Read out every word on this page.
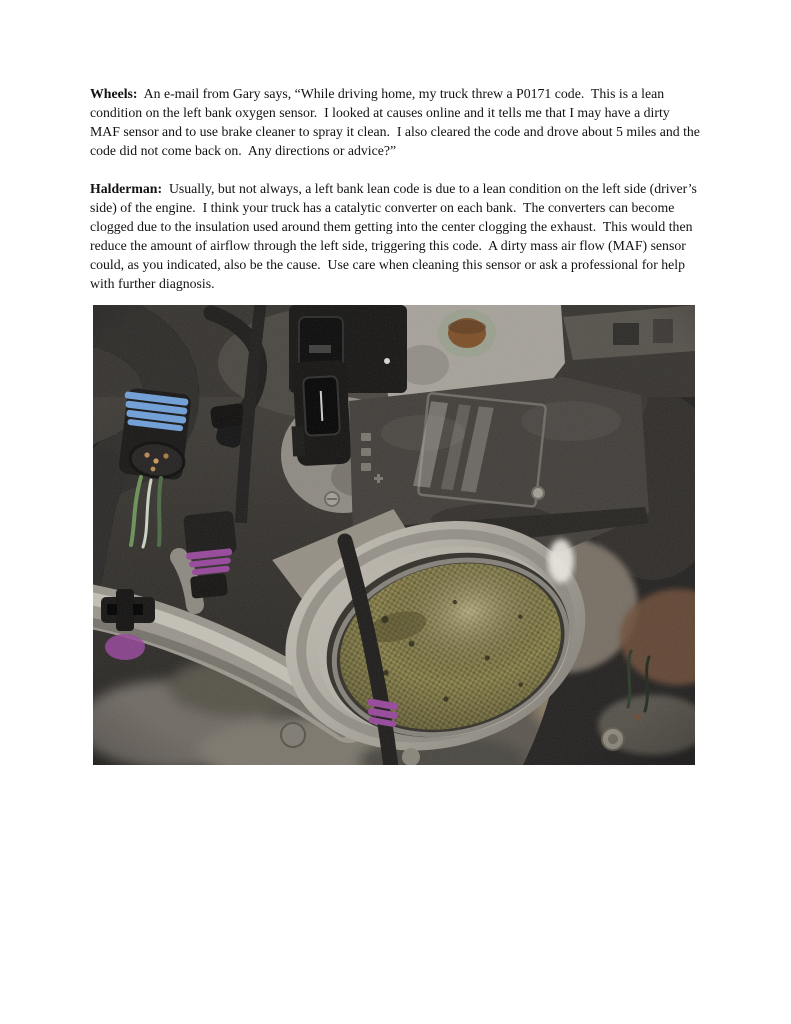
Wheels:  An e-mail from Gary says, “While driving home, my truck threw a P0171 code.  This is a lean condition on the left bank oxygen sensor.  I looked at causes online and it tells me that I may have a dirty MAF sensor and to use brake cleaner to spray it clean.  I also cleared the code and drove about 5 miles and the code did not come back on.  Any directions or advice?”

Halderman:  Usually, but not always, a left bank lean code is due to a lean condition on the left side (driver’s side) of the engine.  I think your truck has a catalytic converter on each bank.  The converters can become clogged due to the insulation used around them getting into the center clogging the exhaust.  This would then reduce the amount of airflow through the left side, triggering this code.  A dirty mass air flow (MAF) sensor could, as you indicated, also be the cause.  Use care when cleaning this sensor or ask a professional for help with further diagnosis.
